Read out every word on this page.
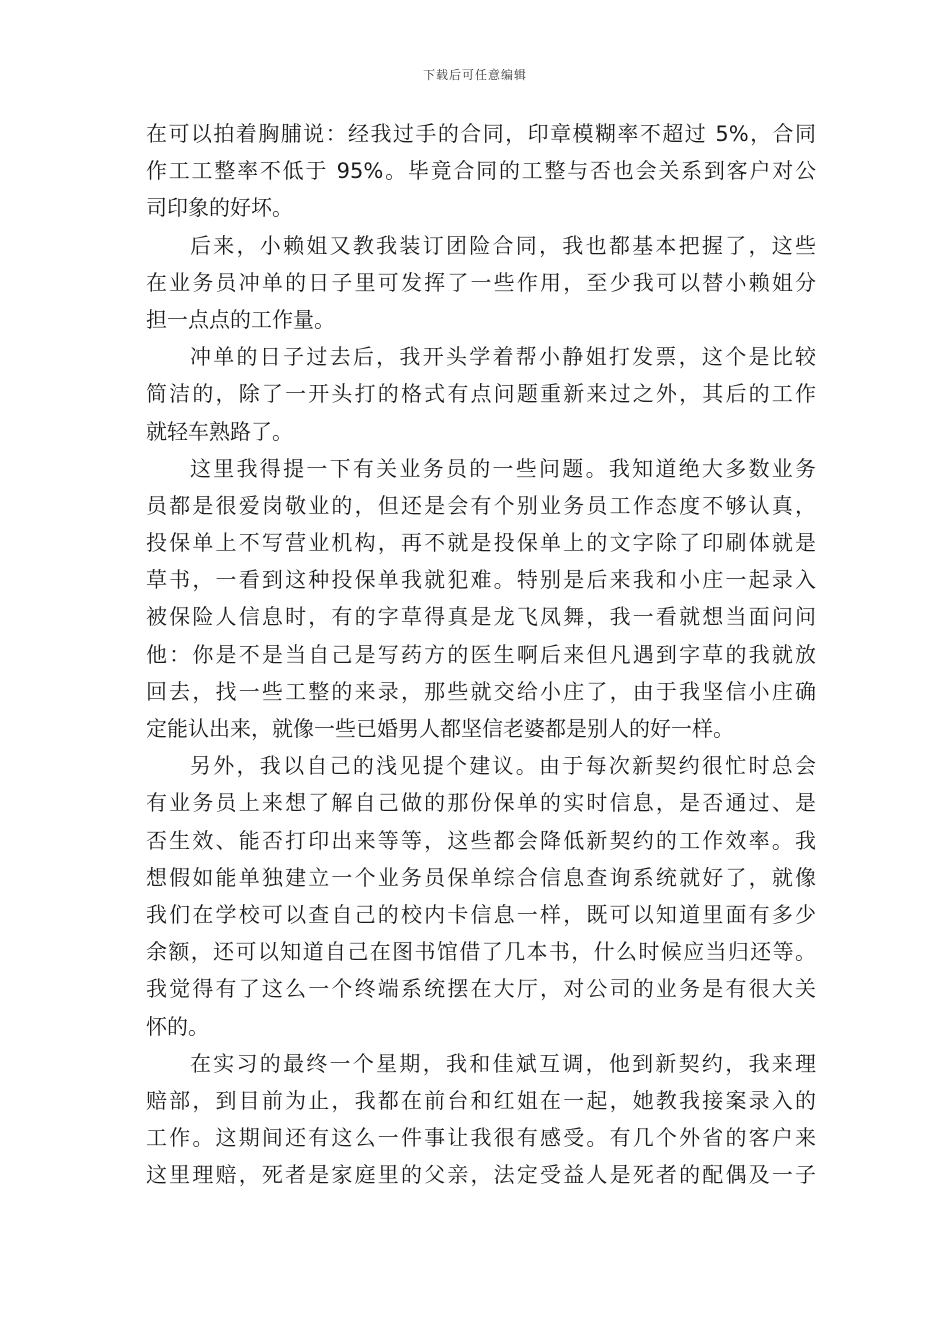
下载后可任意编辑
在可以拍着胸脯说：经我过手的合同，印章模糊率不超过 5%，合同
作工工整率不低于 95%。毕竟合同的工整与否也会关系到客户对公
司印象的好坏。
后来，小赖姐又教我装订团险合同，我也都基本把握了，这些
在业务员冲单的日子里可发挥了一些作用，至少我可以替小赖姐分
担一点点的工作量。
冲单的日子过去后，我开头学着帮小静姐打发票，这个是比较
简洁的，除了一开头打的格式有点问题重新来过之外，其后的工作
就轻车熟路了。
这里我得提一下有关业务员的一些问题。我知道绝大多数业务
员都是很爱岗敬业的，但还是会有个别业务员工作态度不够认真，
投保单上不写营业机构，再不就是投保单上的文字除了印刷体就是
草书，一看到这种投保单我就犯难。特别是后来我和小庄一起录入
被保险人信息时，有的字草得真是龙飞凤舞，我一看就想当面问问
他：你是不是当自己是写药方的医生啊后来但凡遇到字草的我就放
回去，找一些工整的来录，那些就交给小庄了，由于我坚信小庄确
定能认出来，就像一些已婚男人都坚信老婆都是别人的好一样。
另外，我以自己的浅见提个建议。由于每次新契约很忙时总会
有业务员上来想了解自己做的那份保单的实时信息，是否通过、是
否生效、能否打印出来等等，这些都会降低新契约的工作效率。我
想假如能单独建立一个业务员保单综合信息查询系统就好了，就像
我们在学校可以查自己的校内卡信息一样，既可以知道里面有多少
余额，还可以知道自己在图书馆借了几本书，什么时候应当归还等。
我觉得有了这么一个终端系统摆在大厅，对公司的业务是有很大关
怀的。
在实习的最终一个星期，我和佳斌互调，他到新契约，我来理
赔部，到目前为止，我都在前台和红姐在一起，她教我接案录入的
工作。这期间还有这么一件事让我很有感受。有几个外省的客户来
这里理赔，死者是家庭里的父亲，法定受益人是死者的配偶及一子
